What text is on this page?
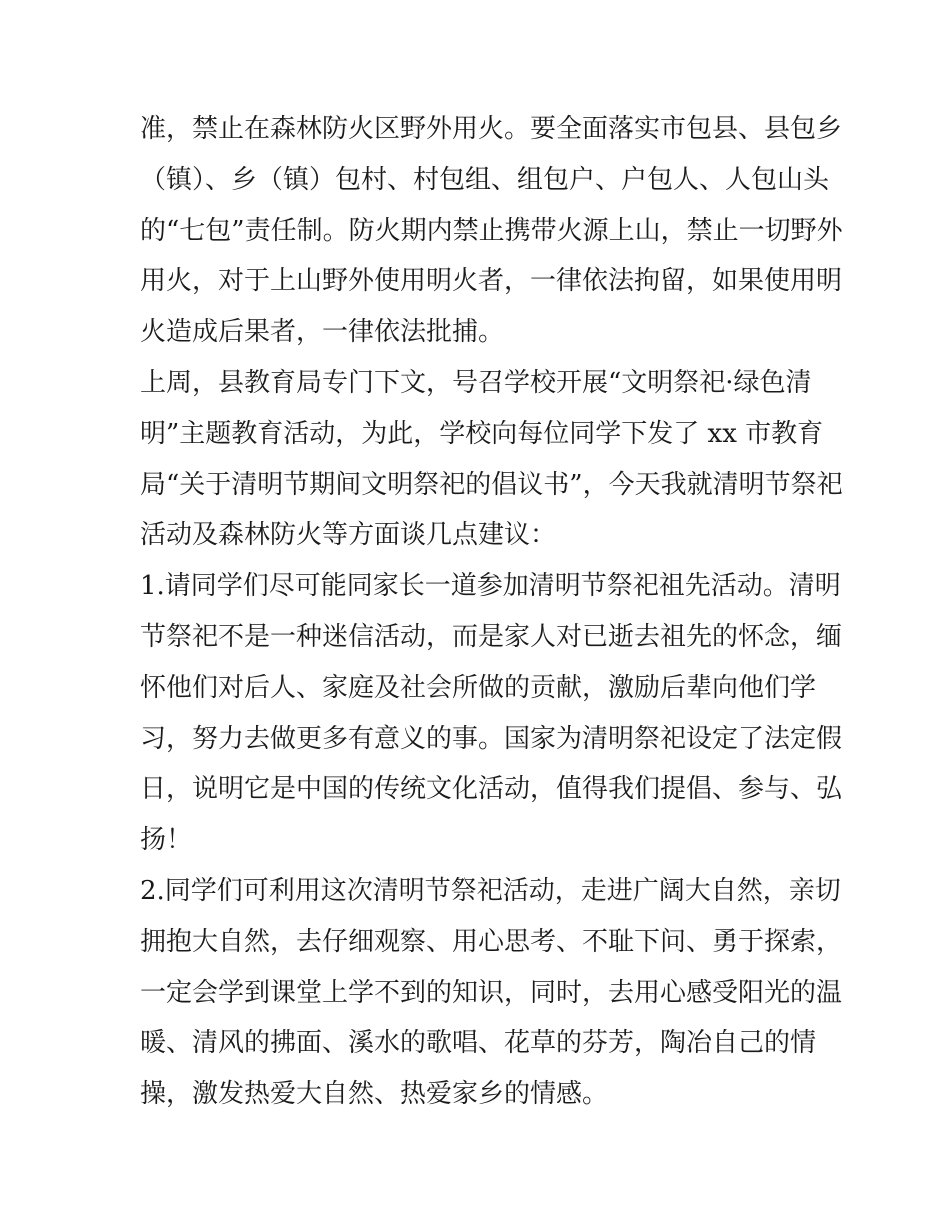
准，禁止在森林防火区野外用火。要全面落实市包县、县包乡
（镇）、乡（镇）包村、村包组、组包户、户包人、人包山头
的“七包”责任制。防火期内禁止携带火源上山，禁止一切野外
用火，对于上山野外使用明火者，一律依法拘留，如果使用明
火造成后果者，一律依法批捕。
上周，县教育局专门下文，号召学校开展“文明祭祀·绿色清
明”主题教育活动，为此，学校向每位同学下发了 xx 市教育
局“关于清明节期间文明祭祀的倡议书”，今天我就清明节祭祀
活动及森林防火等方面谈几点建议：
1.请同学们尽可能同家长一道参加清明节祭祀祖先活动。清明
节祭祀不是一种迷信活动，而是家人对已逝去祖先的怀念，缅
怀他们对后人、家庭及社会所做的贡献，激励后辈向他们学
习，努力去做更多有意义的事。国家为清明祭祀设定了法定假
日，说明它是中国的传统文化活动，值得我们提倡、参与、弘
扬！
2.同学们可利用这次清明节祭祀活动，走进广阔大自然，亲切
拥抱大自然，去仔细观察、用心思考、不耻下问、勇于探索，
一定会学到课堂上学不到的知识，同时，去用心感受阳光的温
暖、清风的拂面、溪水的歌唱、花草的芬芳，陶冶自己的情
操，激发热爱大自然、热爱家乡的情感。
